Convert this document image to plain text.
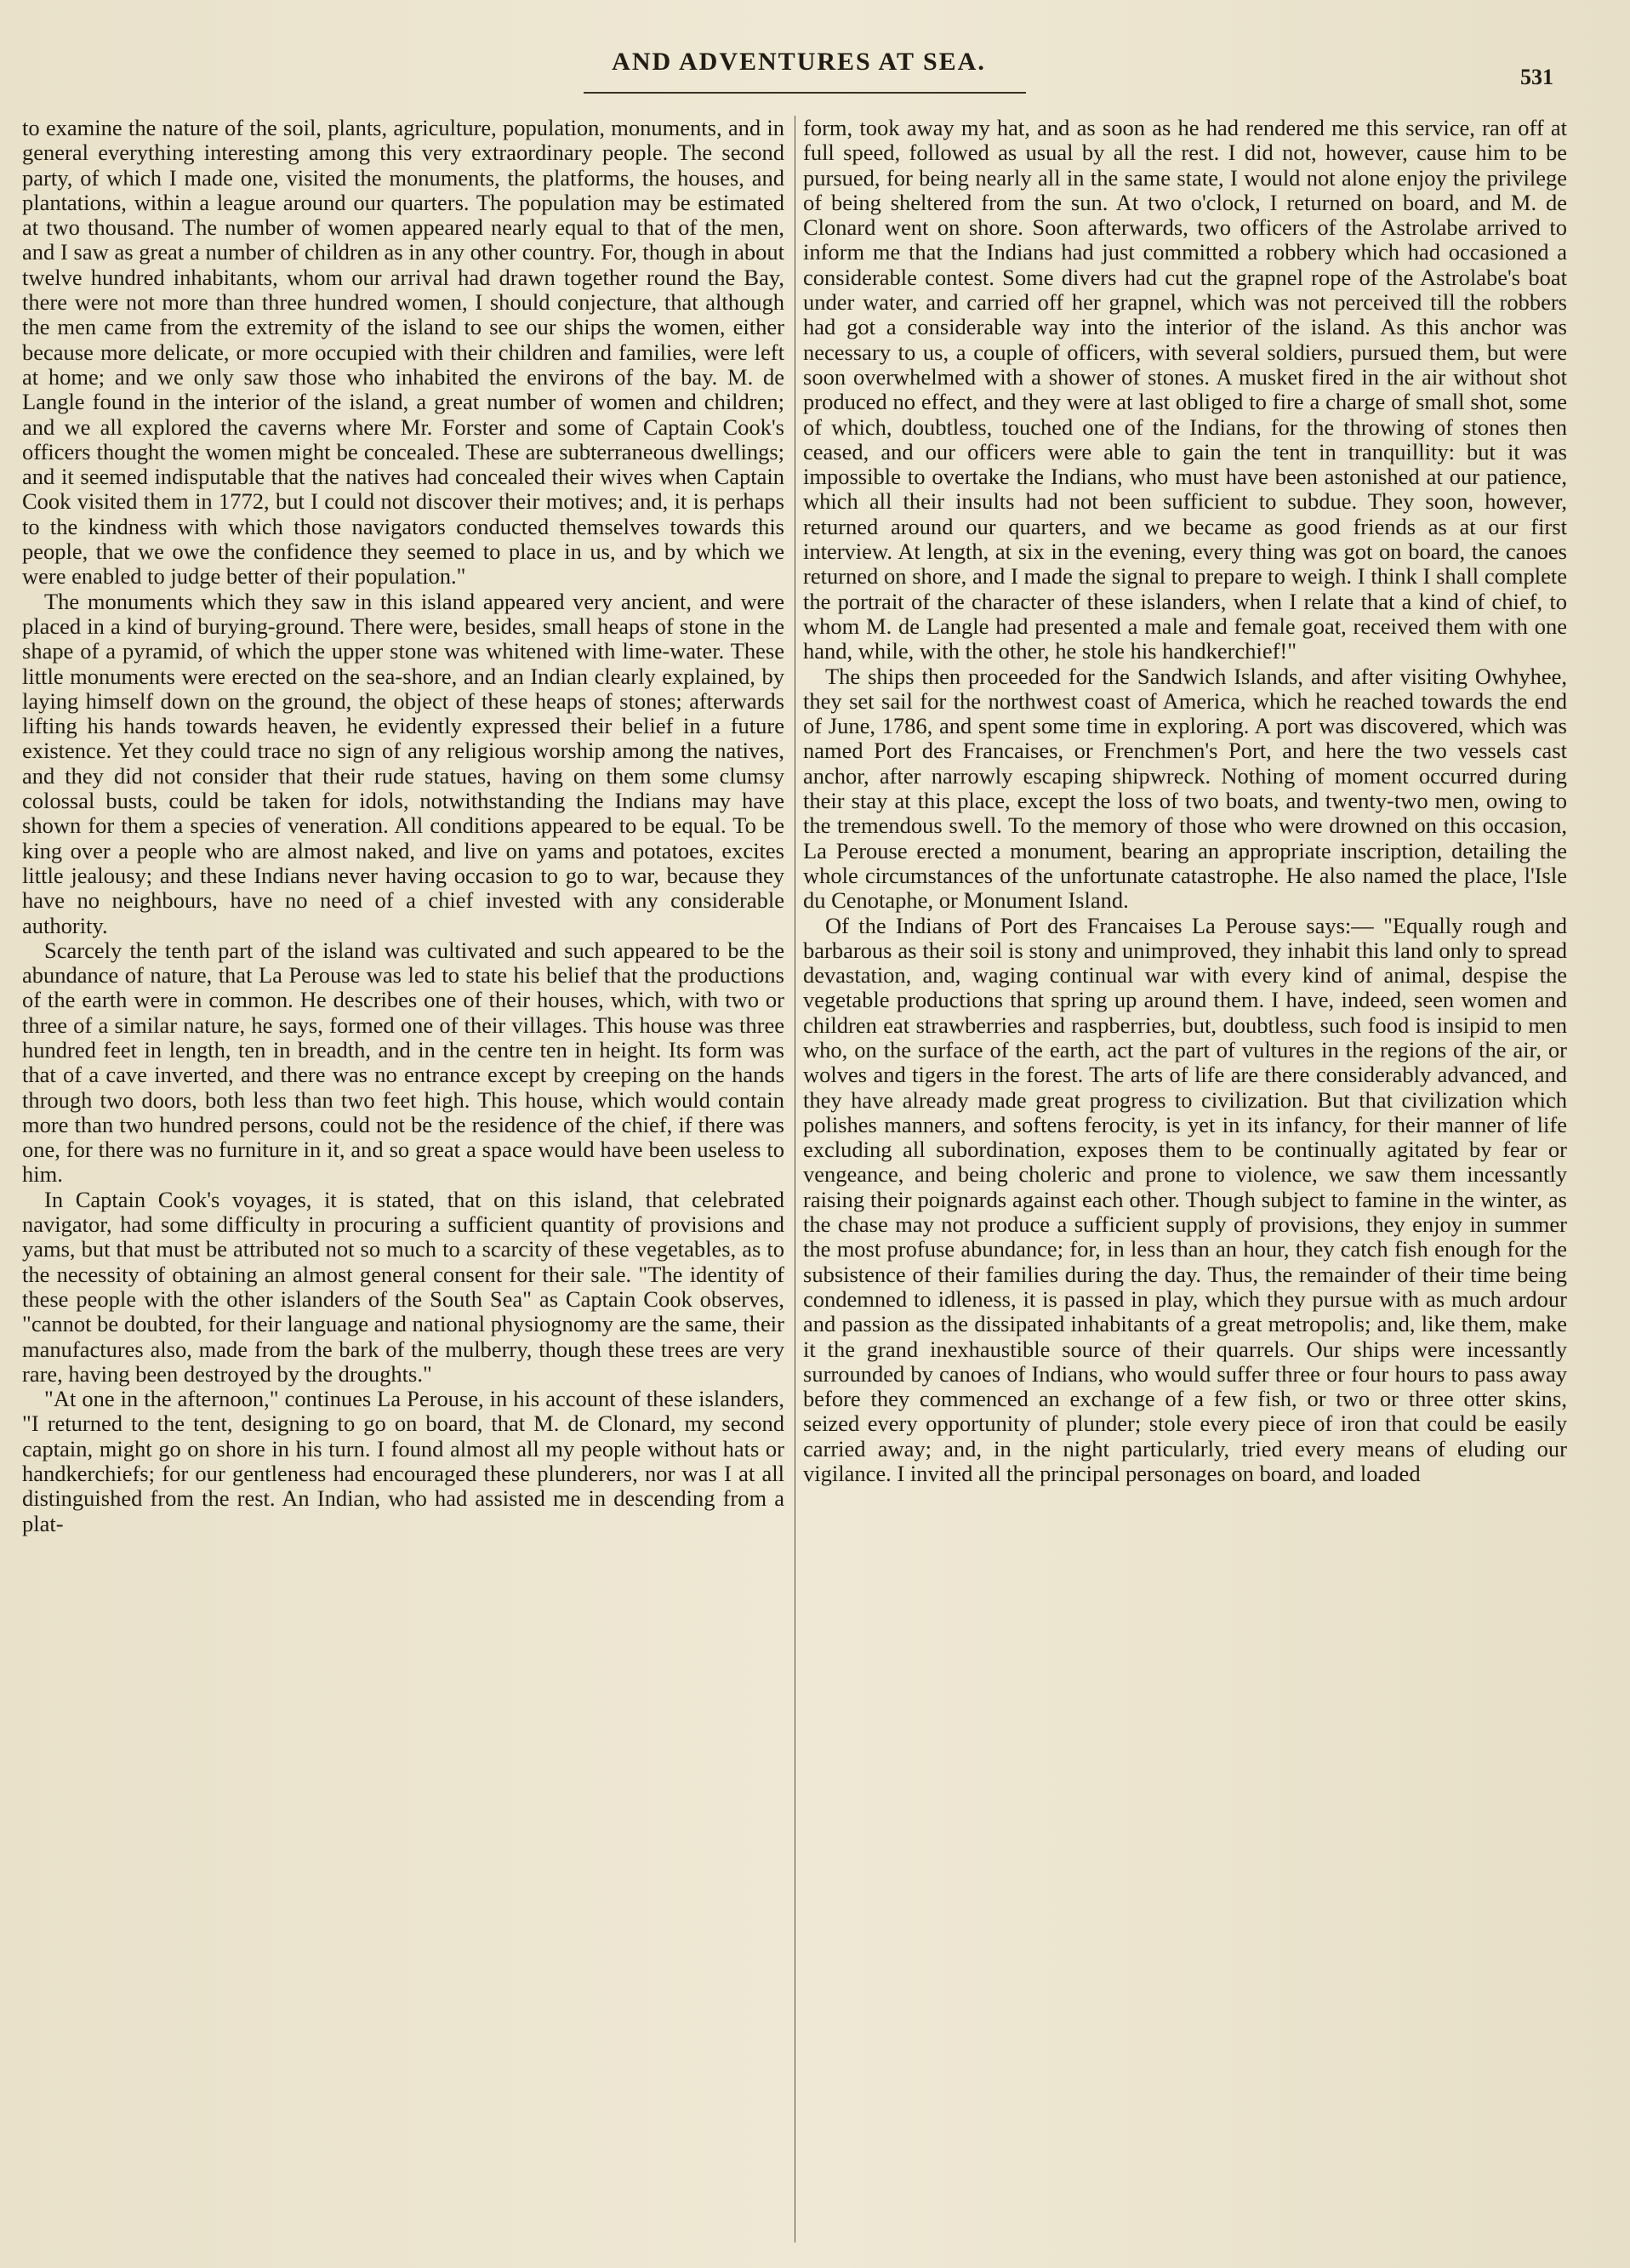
AND ADVENTURES AT SEA.
531

to examine the nature of the soil, plants, agriculture, population, monuments, and in general everything interesting among this very extraordinary people. The second party, of which I made one, visited the monuments, the platforms, the houses, and plantations, within a league around our quarters. The population may be estimated at two thousand. The number of women appeared nearly equal to that of the men, and I saw as great a number of children as in any other country. For, though in about twelve hundred inhabitants, whom our arrival had drawn together round the Bay, there were not more than three hundred women, I should conjecture, that although the men came from the extremity of the island to see our ships the women, either because more delicate, or more occupied with their children and families, were left at home; and we only saw those who inhabited the environs of the bay. M. de Langle found in the interior of the island, a great number of women and children; and we all explored the caverns where Mr. Forster and some of Captain Cook's officers thought the women might be concealed. These are subterraneous dwellings; and it seemed indisputable that the natives had concealed their wives when Captain Cook visited them in 1772, but I could not discover their motives; and, it is perhaps to the kindness with which those navigators conducted themselves towards this people, that we owe the confidence they seemed to place in us, and by which we were enabled to judge better of their population."

The monuments which they saw in this island appeared very ancient, and were placed in a kind of burying-ground. There were, besides, small heaps of stone in the shape of a pyramid, of which the upper stone was whitened with lime-water. These little monuments were erected on the sea-shore, and an Indian clearly explained, by laying himself down on the ground, the object of these heaps of stones; afterwards lifting his hands towards heaven, he evidently expressed their belief in a future existence. Yet they could trace no sign of any religious worship among the natives, and they did not consider that their rude statues, having on them some clumsy colossal busts, could be taken for idols, notwithstanding the Indians may have shown for them a species of veneration. All conditions appeared to be equal. To be king over a people who are almost naked, and live on yams and potatoes, excites little jealousy; and these Indians never having occasion to go to war, because they have no neighbours, have no need of a chief invested with any considerable authority.

Scarcely the tenth part of the island was cultivated and such appeared to be the abundance of nature, that La Perouse was led to state his belief that the productions of the earth were in common. He describes one of their houses, which, with two or three of a similar nature, he says, formed one of their villages. This house was three hundred feet in length, ten in breadth, and in the centre ten in height. Its form was that of a cave inverted, and there was no entrance except by creeping on the hands through two doors, both less than two feet high. This house, which would contain more than two hundred persons, could not be the residence of the chief, if there was one, for there was no furniture in it, and so great a space would have been useless to him.

In Captain Cook's voyages, it is stated, that on this island, that celebrated navigator, had some difficulty in procuring a sufficient quantity of provisions and yams, but that must be attributed not so much to a scarcity of these vegetables, as to the necessity of obtaining an almost general consent for their sale. "The identity of these people with the other islanders of the South Sea" as Captain Cook observes, "cannot be doubted, for their language and national physiognomy are the same, their manufactures also, made from the bark of the mulberry, though these trees are very rare, having been destroyed by the droughts."

"At one in the afternoon," continues La Perouse, in his account of these islanders, "I returned to the tent, designing to go on board, that M. de Clonard, my second captain, might go on shore in his turn. I found almost all my people without hats or handkerchiefs; for our gentleness had encouraged these plunderers, nor was I at all distinguished from the rest. An Indian, who had assisted me in descending from a plat-

form, took away my hat, and as soon as he had rendered me this service, ran off at full speed, followed as usual by all the rest. I did not, however, cause him to be pursued, for being nearly all in the same state, I would not alone enjoy the privilege of being sheltered from the sun. At two o'clock, I returned on board, and M. de Clonard went on shore. Soon afterwards, two officers of the Astrolabe arrived to inform me that the Indians had just committed a robbery which had occasioned a considerable contest. Some divers had cut the grapnel rope of the Astrolabe's boat under water, and carried off her grapnel, which was not perceived till the robbers had got a considerable way into the interior of the island. As this anchor was necessary to us, a couple of officers, with several soldiers, pursued them, but were soon overwhelmed with a shower of stones. A musket fired in the air without shot produced no effect, and they were at last obliged to fire a charge of small shot, some of which, doubtless, touched one of the Indians, for the throwing of stones then ceased, and our officers were able to gain the tent in tranquillity: but it was impossible to overtake the Indians, who must have been astonished at our patience, which all their insults had not been sufficient to subdue. They soon, however, returned around our quarters, and we became as good friends as at our first interview. At length, at six in the evening, every thing was got on board, the canoes returned on shore, and I made the signal to prepare to weigh. I think I shall complete the portrait of the character of these islanders, when I relate that a kind of chief, to whom M. de Langle had presented a male and female goat, received them with one hand, while, with the other, he stole his handkerchief!"

The ships then proceeded for the Sandwich Islands, and after visiting Owhyhee, they set sail for the northwest coast of America, which he reached towards the end of June, 1786, and spent some time in exploring. A port was discovered, which was named Port des Francaises, or Frenchmen's Port, and here the two vessels cast anchor, after narrowly escaping shipwreck. Nothing of moment occurred during their stay at this place, except the loss of two boats, and twenty-two men, owing to the tremendous swell. To the memory of those who were drowned on this occasion, La Perouse erected a monument, bearing an appropriate inscription, detailing the whole circumstances of the unfortunate catastrophe. He also named the place, l'Isle du Cenotaphe, or Monument Island.

Of the Indians of Port des Francaises La Perouse says:— "Equally rough and barbarous as their soil is stony and unimproved, they inhabit this land only to spread devastation, and, waging continual war with every kind of animal, despise the vegetable productions that spring up around them. I have, indeed, seen women and children eat strawberries and raspberries, but, doubtless, such food is insipid to men who, on the surface of the earth, act the part of vultures in the regions of the air, or wolves and tigers in the forest. The arts of life are there considerably advanced, and they have already made great progress to civilization. But that civilization which polishes manners, and softens ferocity, is yet in its infancy, for their manner of life excluding all subordination, exposes them to be continually agitated by fear or vengeance, and being choleric and prone to violence, we saw them incessantly raising their poignards against each other. Though subject to famine in the winter, as the chase may not produce a sufficient supply of provisions, they enjoy in summer the most profuse abundance; for, in less than an hour, they catch fish enough for the subsistence of their families during the day. Thus, the remainder of their time being condemned to idleness, it is passed in play, which they pursue with as much ardour and passion as the dissipated inhabitants of a great metropolis; and, like them, make it the grand inexhaustible source of their quarrels. Our ships were incessantly surrounded by canoes of Indians, who would suffer three or four hours to pass away before they commenced an exchange of a few fish, or two or three otter skins, seized every opportunity of plunder; stole every piece of iron that could be easily carried away; and, in the night particularly, tried every means of eluding our vigilance. I invited all the principal personages on board, and loaded
